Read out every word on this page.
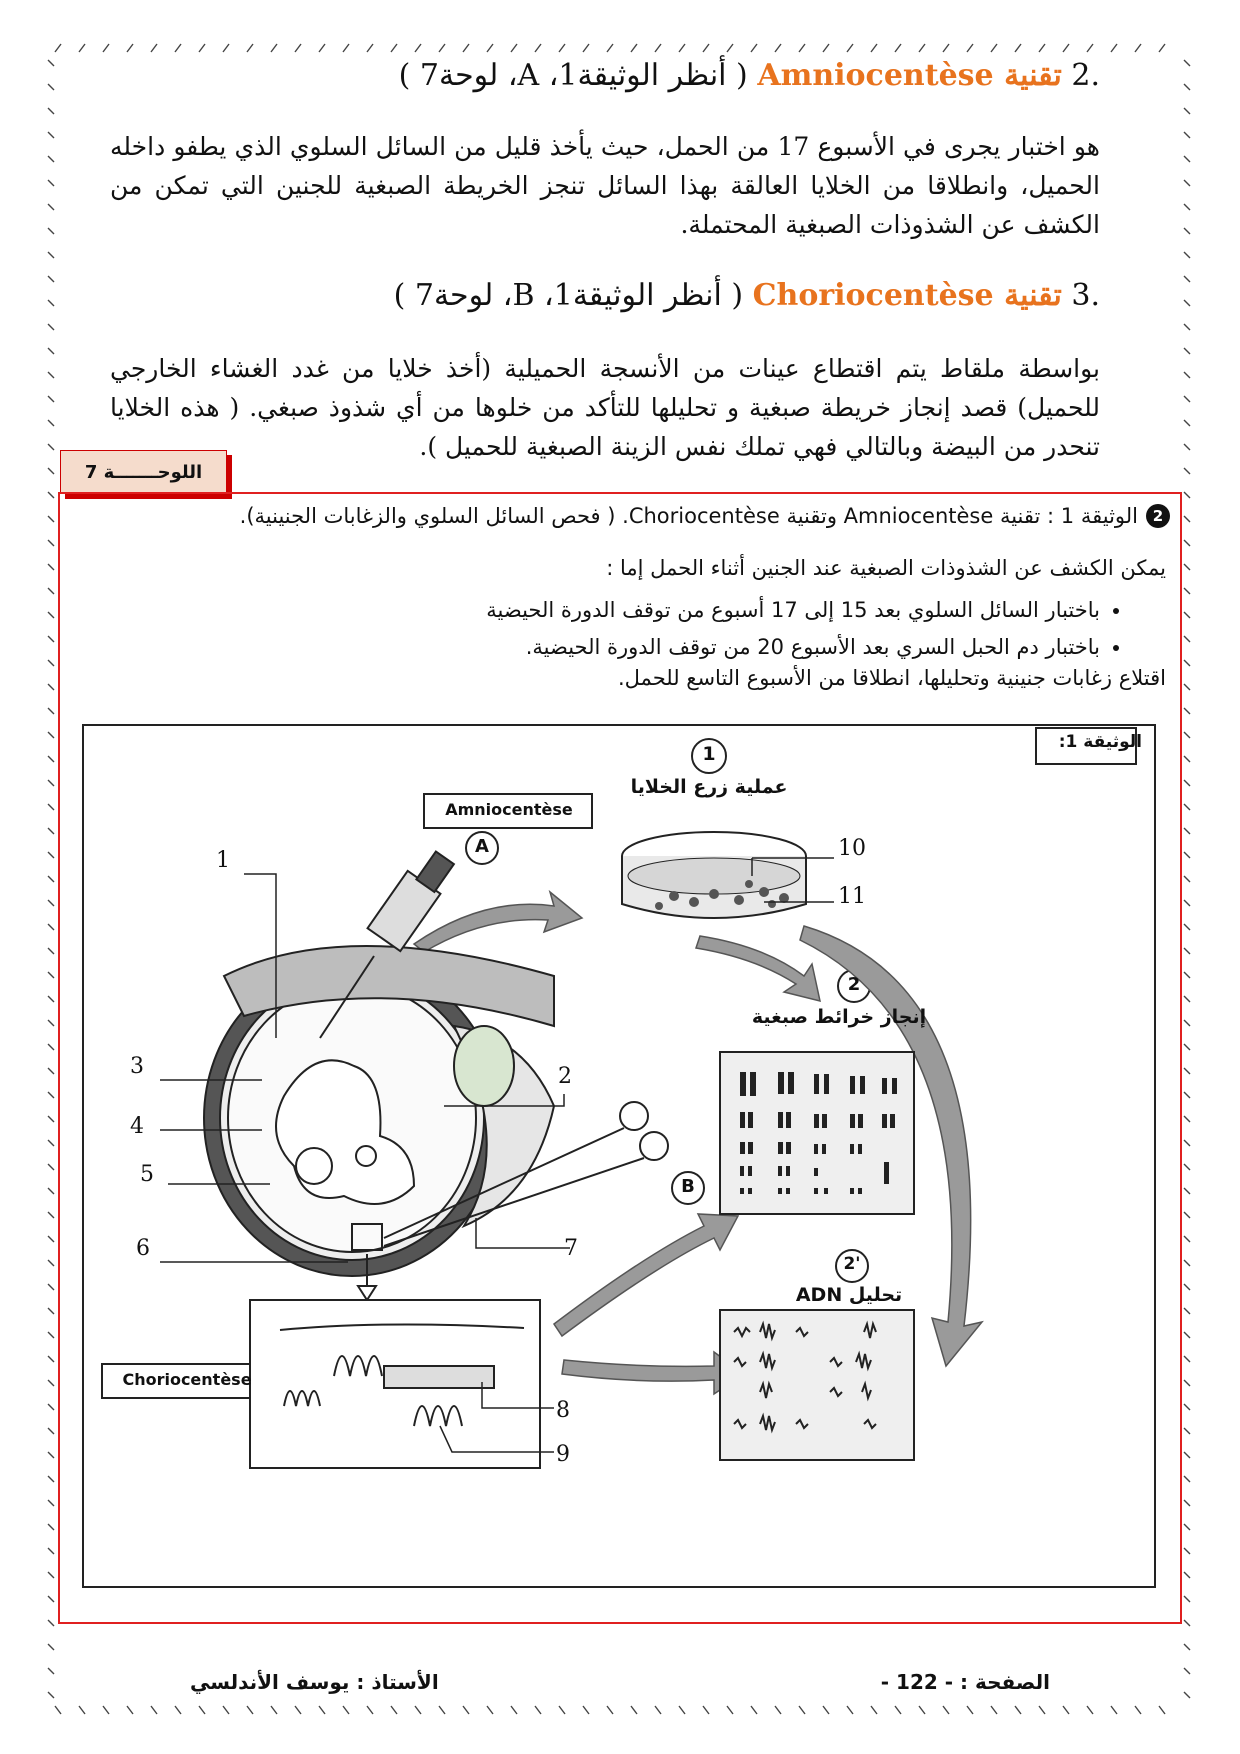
.2 تقنية Amniocentèse ( أنظر الوثيقة1، A، لوحة7 )
هو اختبار يجرى في الأسبوع 17 من الحمل، حيث يأخذ قليل من السائل السلوي الذي يطفو داخله الحميل، وانطلاقا من الخلايا العالقة بهذا السائل تنجز الخريطة الصبغية للجنين التي تمكن من الكشف عن الشذوذات الصبغية المحتملة.
.3 تقنية Choriocentèse ( أنظر الوثيقة1، B، لوحة7 )
بواسطة ملقاط يتم اقتطاع عينات من الأنسجة الحميلية (أخذ خلايا من غدد الغشاء الخارجي للحميل) قصد إنجاز خريطة صبغية و تحليلها للتأكد من خلوها من أي شذوذ صبغي. ( هذه الخلايا تنحدر من البيضة وبالتالي فهي تملك نفس الزينة الصبغية للحميل ).
اللوحـــــــة 7
2
الوثيقة 1 : تقنية Amniocentèse وتقنية Choriocentèse. ( فحص السائل السلوي والزغابات الجنينية).
يمكن الكشف عن الشذوذات الصبغية عند الجنين أثناء الحمل إما :
• باختبار السائل السلوي بعد 15 إلى 17 أسبوع من توقف الدورة الحيضية
• باختبار دم الحبل السري بعد الأسبوع 20 من توقف الدورة الحيضية.
اقتلاع زغابات جنينية وتحليلها، انطلاقا من الأسبوع التاسع للحمل.
الوثيقة 1:
Amniocentèse
Choriocentèse
A
B
1
عملية زرع الخلايا
2
إنجاز خرائط صبغية
2'
تحليل ADN
1
2
3
4
5
6	7
8
9
10
11
الأستاذ : يوسف الأندلسي	الصفحة : - 122 -
